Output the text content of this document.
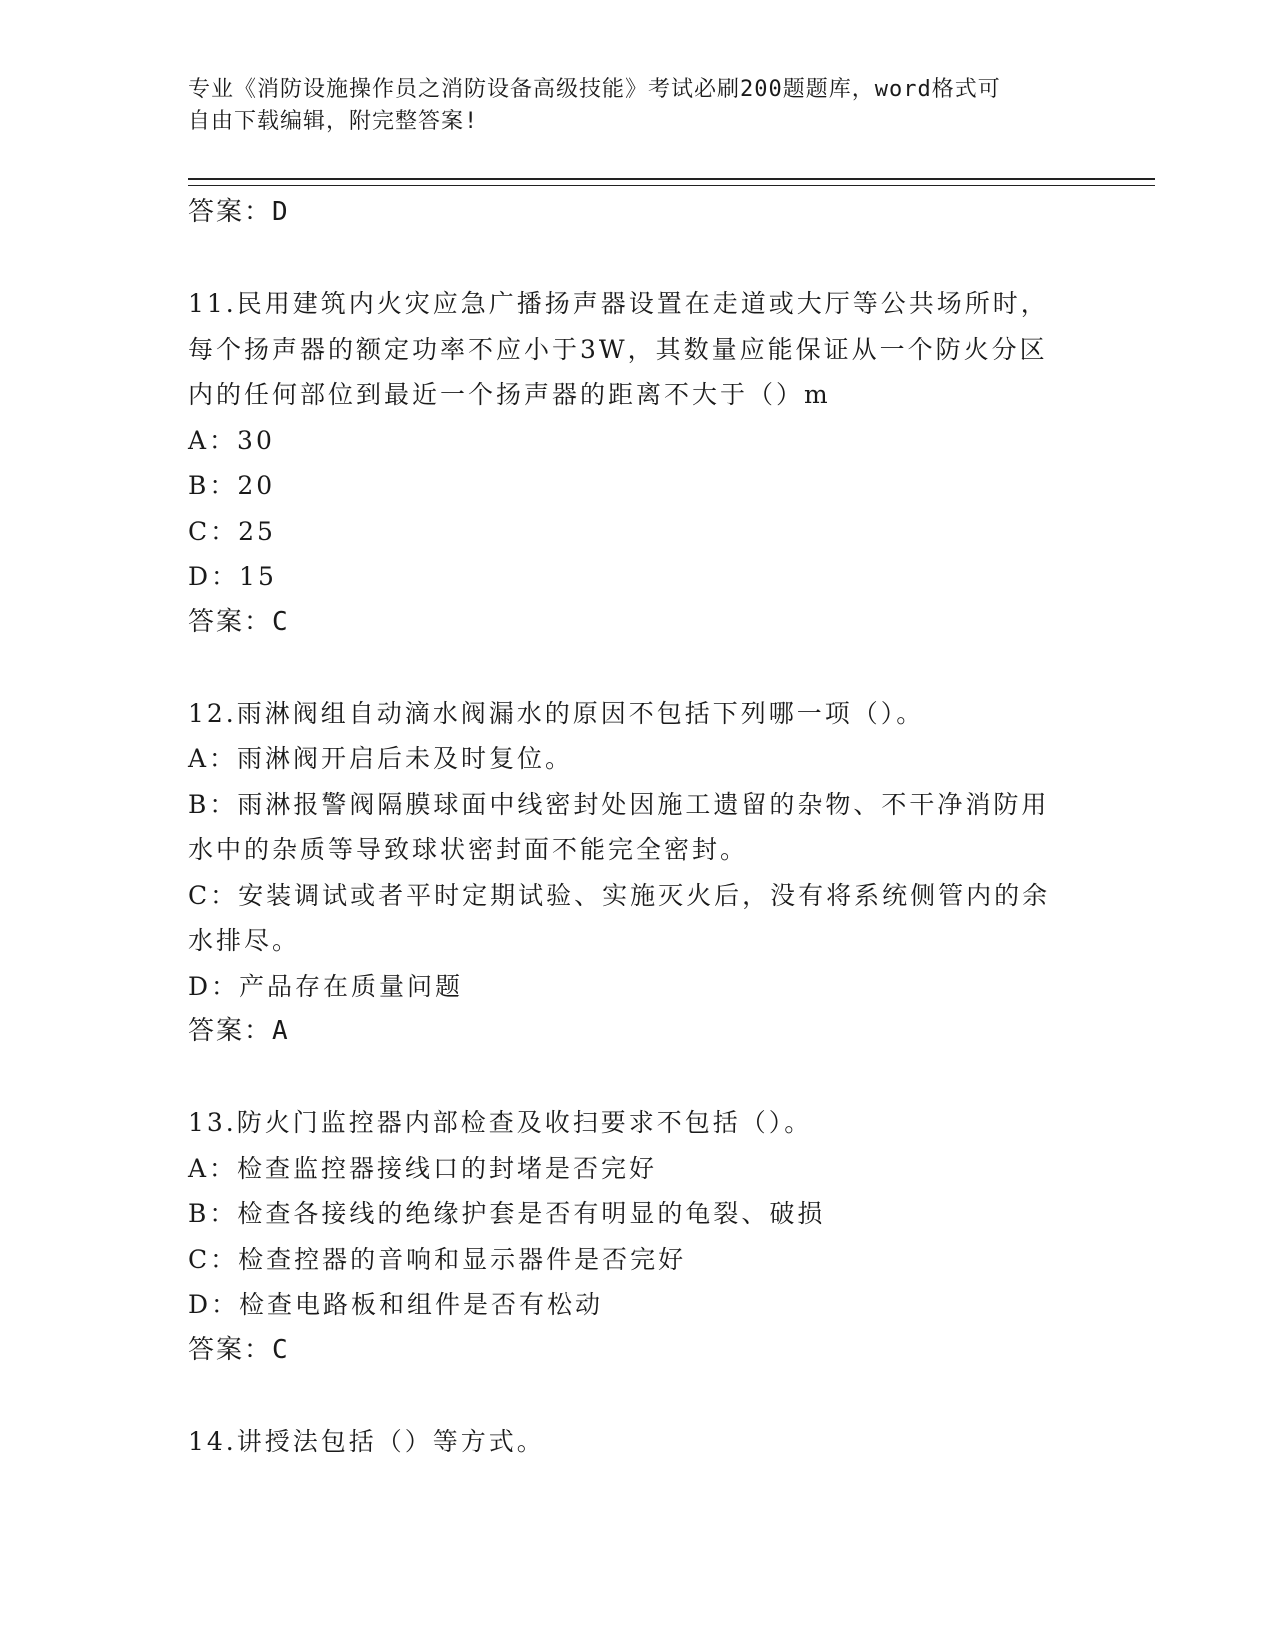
专业《消防设施操作员之消防设备高级技能》考试必刷200题题库，word格式可
自由下载编辑，附完整答案!
答案：D
11.民用建筑内火灾应急广播扬声器设置在走道或大厅等公共场所时，
每个扬声器的额定功率不应小于3W，其数量应能保证从一个防火分区
内的任何部位到最近一个扬声器的距离不大于（）m
A：30
B：20
C：25
D：15
答案：C
12.雨淋阀组自动滴水阀漏水的原因不包括下列哪一项（）。
A：雨淋阀开启后未及时复位。
B：雨淋报警阀隔膜球面中线密封处因施工遗留的杂物、不干净消防用
水中的杂质等导致球状密封面不能完全密封。
C：安装调试或者平时定期试验、实施灭火后，没有将系统侧管内的余
水排尽。
D：产品存在质量问题
答案：A
13.防火门监控器内部检查及收扫要求不包括（）。
A：检查监控器接线口的封堵是否完好
B：检查各接线的绝缘护套是否有明显的龟裂、破损
C：检查控器的音响和显示器件是否完好
D：检查电路板和组件是否有松动
答案：C
14.讲授法包括（）等方式。
